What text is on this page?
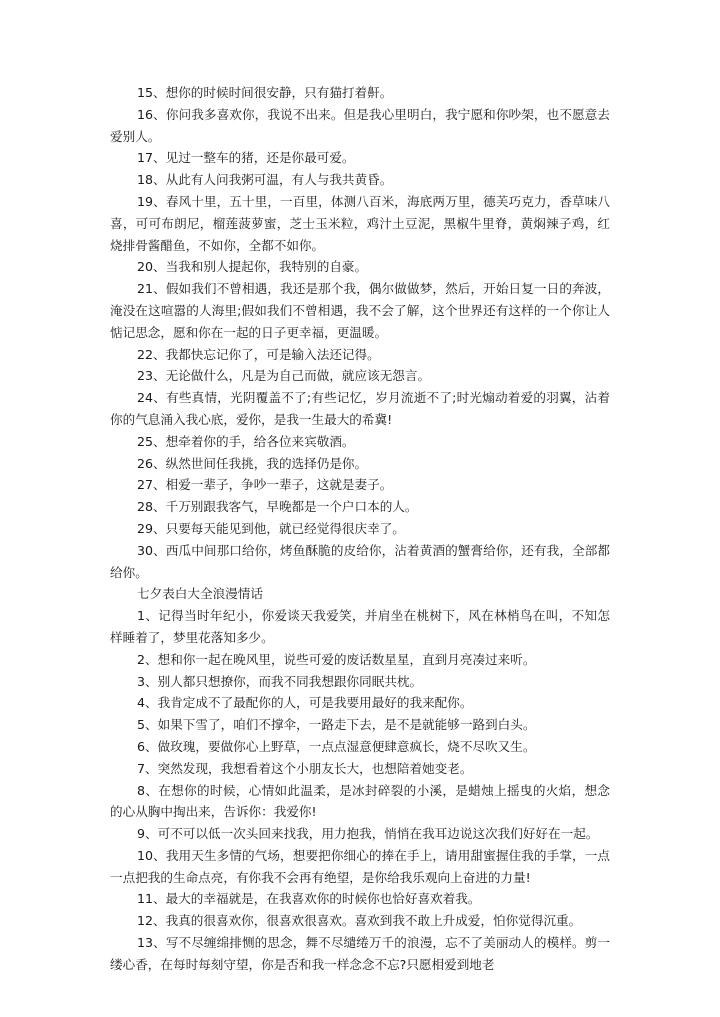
15、想你的时候时间很安静，只有猫打着鼾。

16、你问我多喜欢你，我说不出来。但是我心里明白，我宁愿和你吵架，也不愿意去爱别人。

17、见过一整车的猪，还是你最可爱。

18、从此有人问我粥可温，有人与我共黄昏。

19、春风十里，五十里，一百里，体测八百米，海底两万里，德芙巧克力，香草味八喜，可可布朗尼，榴莲菠萝蜜，芝士玉米粒，鸡汁土豆泥，黑椒牛里脊，黄焖辣子鸡，红烧排骨酱醋鱼，不如你，全都不如你。

20、当我和别人提起你，我特别的自豪。

21、假如我们不曾相遇，我还是那个我，偶尔做做梦，然后，开始日复一日的奔波，淹没在这喧嚣的人海里;假如我们不曾相遇，我不会了解，这个世界还有这样的一个你让人惦记思念，愿和你在一起的日子更幸福，更温暖。

22、我都快忘记你了，可是输入法还记得。

23、无论做什么，凡是为自己而做，就应该无怨言。

24、有些真情，光阴覆盖不了;有些记忆，岁月流逝不了;时光煽动着爱的羽翼，沾着你的气息涌入我心底，爱你，是我一生最大的希冀!

25、想牵着你的手，给各位来宾敬酒。

26、纵然世间任我挑，我的选择仍是你。

27、相爱一辈子，争吵一辈子，这就是妻子。

28、千万别跟我客气，早晚都是一个户口本的人。

29、只要每天能见到他，就已经觉得很庆幸了。

30、西瓜中间那口给你，烤鱼酥脆的皮给你，沾着黄酒的蟹膏给你，还有我，全部都给你。

七夕表白大全浪漫情话

1、记得当时年纪小，你爱谈天我爱笑，并肩坐在桃树下，风在林梢鸟在叫，不知怎样睡着了，梦里花落知多少。

2、想和你一起在晚风里，说些可爱的废话数星星，直到月亮凑过来听。

3、别人都只想撩你，而我不同我想跟你同眠共枕。

4、我肯定成不了最配你的人，可是我要用最好的我来配你。

5、如果下雪了，咱们不撑伞，一路走下去，是不是就能够一路到白头。

6、做玫瑰，要做你心上野草，一点点湿意便肆意疯长，烧不尽吹又生。

7、突然发现，我想看着这个小朋友长大，也想陪着她变老。

8、在想你的时候，心情如此温柔，是冰封碎裂的小溪，是蜡烛上摇曳的火焰，想念的心从胸中掏出来，告诉你：我爱你!

9、可不可以低一次头回来找我，用力抱我，悄悄在我耳边说这次我们好好在一起。

10、我用天生多情的气场，想要把你细心的捧在手上，请用甜蜜握住我的手掌，一点一点把我的生命点亮，有你我不会再有绝望，是你给我乐观向上奋进的力量!

11、最大的幸福就是，在我喜欢你的时候你也恰好喜欢着我。

12、我真的很喜欢你，很喜欢很喜欢。喜欢到我不敢上升成爱，怕你觉得沉重。

13、写不尽缠绵排恻的思念，舞不尽缱绻万千的浪漫，忘不了美丽动人的模样。剪一缕心香，在每时每刻守望，你是否和我一样念念不忘?只愿相爱到地老
